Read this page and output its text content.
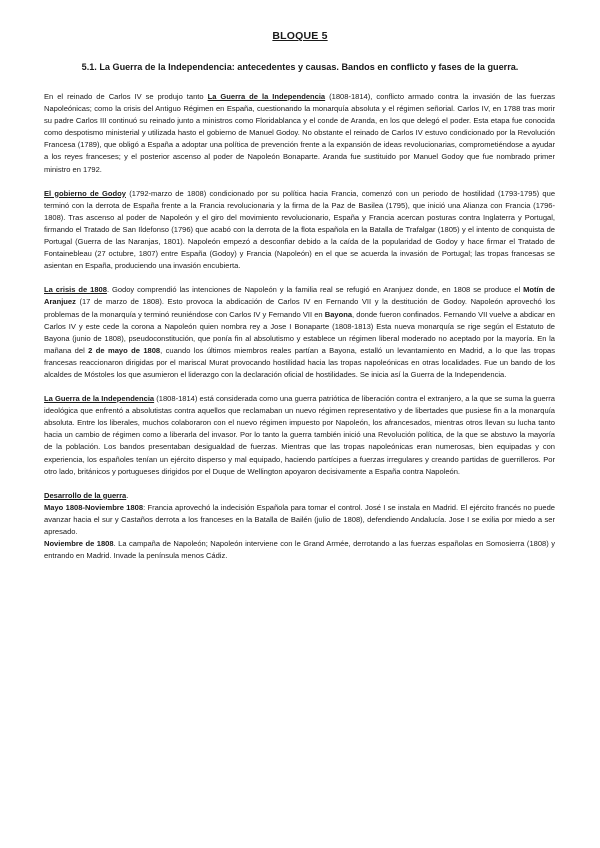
BLOQUE 5
5.1. La Guerra de la Independencia: antecedentes y causas. Bandos en conflicto y fases de la guerra.

En el reinado de Carlos IV se produjo tanto La Guerra de la Independencia (1808-1814), conflicto armado contra la invasión de las fuerzas Napoleónicas; como la crisis del Antiguo Régimen en España, cuestionando la monarquía absoluta y el régimen señorial. Carlos IV, en 1788 tras morir su padre Carlos III continuó su reinado junto a ministros como Floridablanca y el conde de Aranda, en los que delegó el poder. Esta etapa fue conocida como despotismo ministerial y utilizada hasto el gobierno de Manuel Godoy. No obstante el reinado de Carlos IV estuvo condicionado por la Revolución Francesa (1789), que obligó a España a adoptar una política de prevención frente a la expansión de ideas revolucionarias, comprometiéndose a ayudar a los reyes franceses; y el posterior ascenso al poder de Napoleón Bonaparte. Aranda fue sustituido por Manuel Godoy que fue nombrado primer ministro en 1792.

El gobierno de Godoy (1792-marzo de 1808) condicionado por su política hacia Francia, comenzó con un periodo de hostilidad (1793-1795) que terminó con la derrota de España frente a la Francia revolucionaria y la firma de la Paz de Basilea (1795), que inició una Alianza con Francia (1796-1808). Tras ascenso al poder de Napoleón y el giro del movimiento revolucionario, España y Francia acercan posturas contra Inglaterra y Portugal, firmando el Tratado de San Ildefonso (1796) que acabó con la derrota de la flota española en la Batalla de Trafalgar (1805) y el intento de conquista de Portugal (Guerra de las Naranjas, 1801). Napoleón empezó a desconfiar debido a la caída de la popularidad de Godoy y hace firmar el Tratado de Fontainebleau (27 octubre, 1807) entre España (Godoy) y Francia (Napoleón) en el que se acuerda la invasión de Portugal; las tropas francesas se asientan en España, produciendo una invasión encubierta.

La crisis de 1808. Godoy comprendió las intenciones de Napoleón y la familia real se refugió en Aranjuez donde, en 1808 se produce el Motín de Aranjuez (17 de marzo de 1808). Esto provoca la abdicación de Carlos IV en Fernando VII y la destitución de Godoy. Napoleón aprovechó los problemas de la monarquía y terminó reuniéndose con Carlos IV y Fernando VII en Bayona, donde fueron confinados. Fernando VII vuelve a abdicar en Carlos IV y este cede la corona a Napoleón quien nombra rey a Jose I Bonaparte (1808-1813) Esta nueva monarquía se rige según el Estatuto de Bayona (junio de 1808), pseudoconstitución, que ponía fin al absolutismo y establece un régimen liberal moderado no aceptado por la mayoría. En la mañana del 2 de mayo de 1808, cuando los últimos miembros reales partían a Bayona, estalló un levantamiento en Madrid, a lo que las tropas francesas reaccionaron dirigidas por el mariscal Murat provocando hostilidad hacia las tropas napoleónicas en otras localidades. Fue un bando de los alcaldes de Móstoles los que asumieron el liderazgo con la declaración oficial de hostilidades. Se inicia así la Guerra de la Independencia.

La Guerra de la Independencia (1808-1814) está considerada como una guerra patriótica de liberación contra el extranjero, a la que se suma la guerra ideológica que enfrentó a absolutistas contra aquellos que reclamaban un nuevo régimen representativo y de libertades que pusiese fin a la monarquía absoluta. Entre los liberales, muchos colaboraron con el nuevo régimen impuesto por Napoleón, los afrancesados, mientras otros llevan su lucha tanto hacia un cambio de régimen como a liberarla del invasor. Por lo tanto la guerra también inició una Revolución política, de la que se abstuvo la mayoría de la población. Los bandos presentaban desigualdad de fuerzas. Mientras que las tropas napoleónicas eran numerosas, bien equipadas y con experiencia, los españoles tenían un ejército disperso y mal equipado, haciendo partícipes a fuerzas irregulares y creando partidas de guerrilleros. Por otro lado, británicos y portugueses dirigidos por el Duque de Wellington apoyaron decisivamente a España contra Napoleón.

Desarrollo de la guerra.

Mayo 1808-Noviembre 1808: Francia aprovechó la indecisión Española para tomar el control. José I se instala en Madrid. El ejército francés no puede avanzar hacia el sur y Castaños derrota a los franceses en la Batalla de Bailén (julio de 1808), defendiendo Andalucía. Jose I se exilia por miedo a ser apresado.

Noviembre de 1808. La campaña de Napoleón; Napoleón interviene con le Grand Armée, derrotando a las fuerzas españolas en Somosierra (1808) y entrando en Madrid. Invade la península menos Cádiz.
